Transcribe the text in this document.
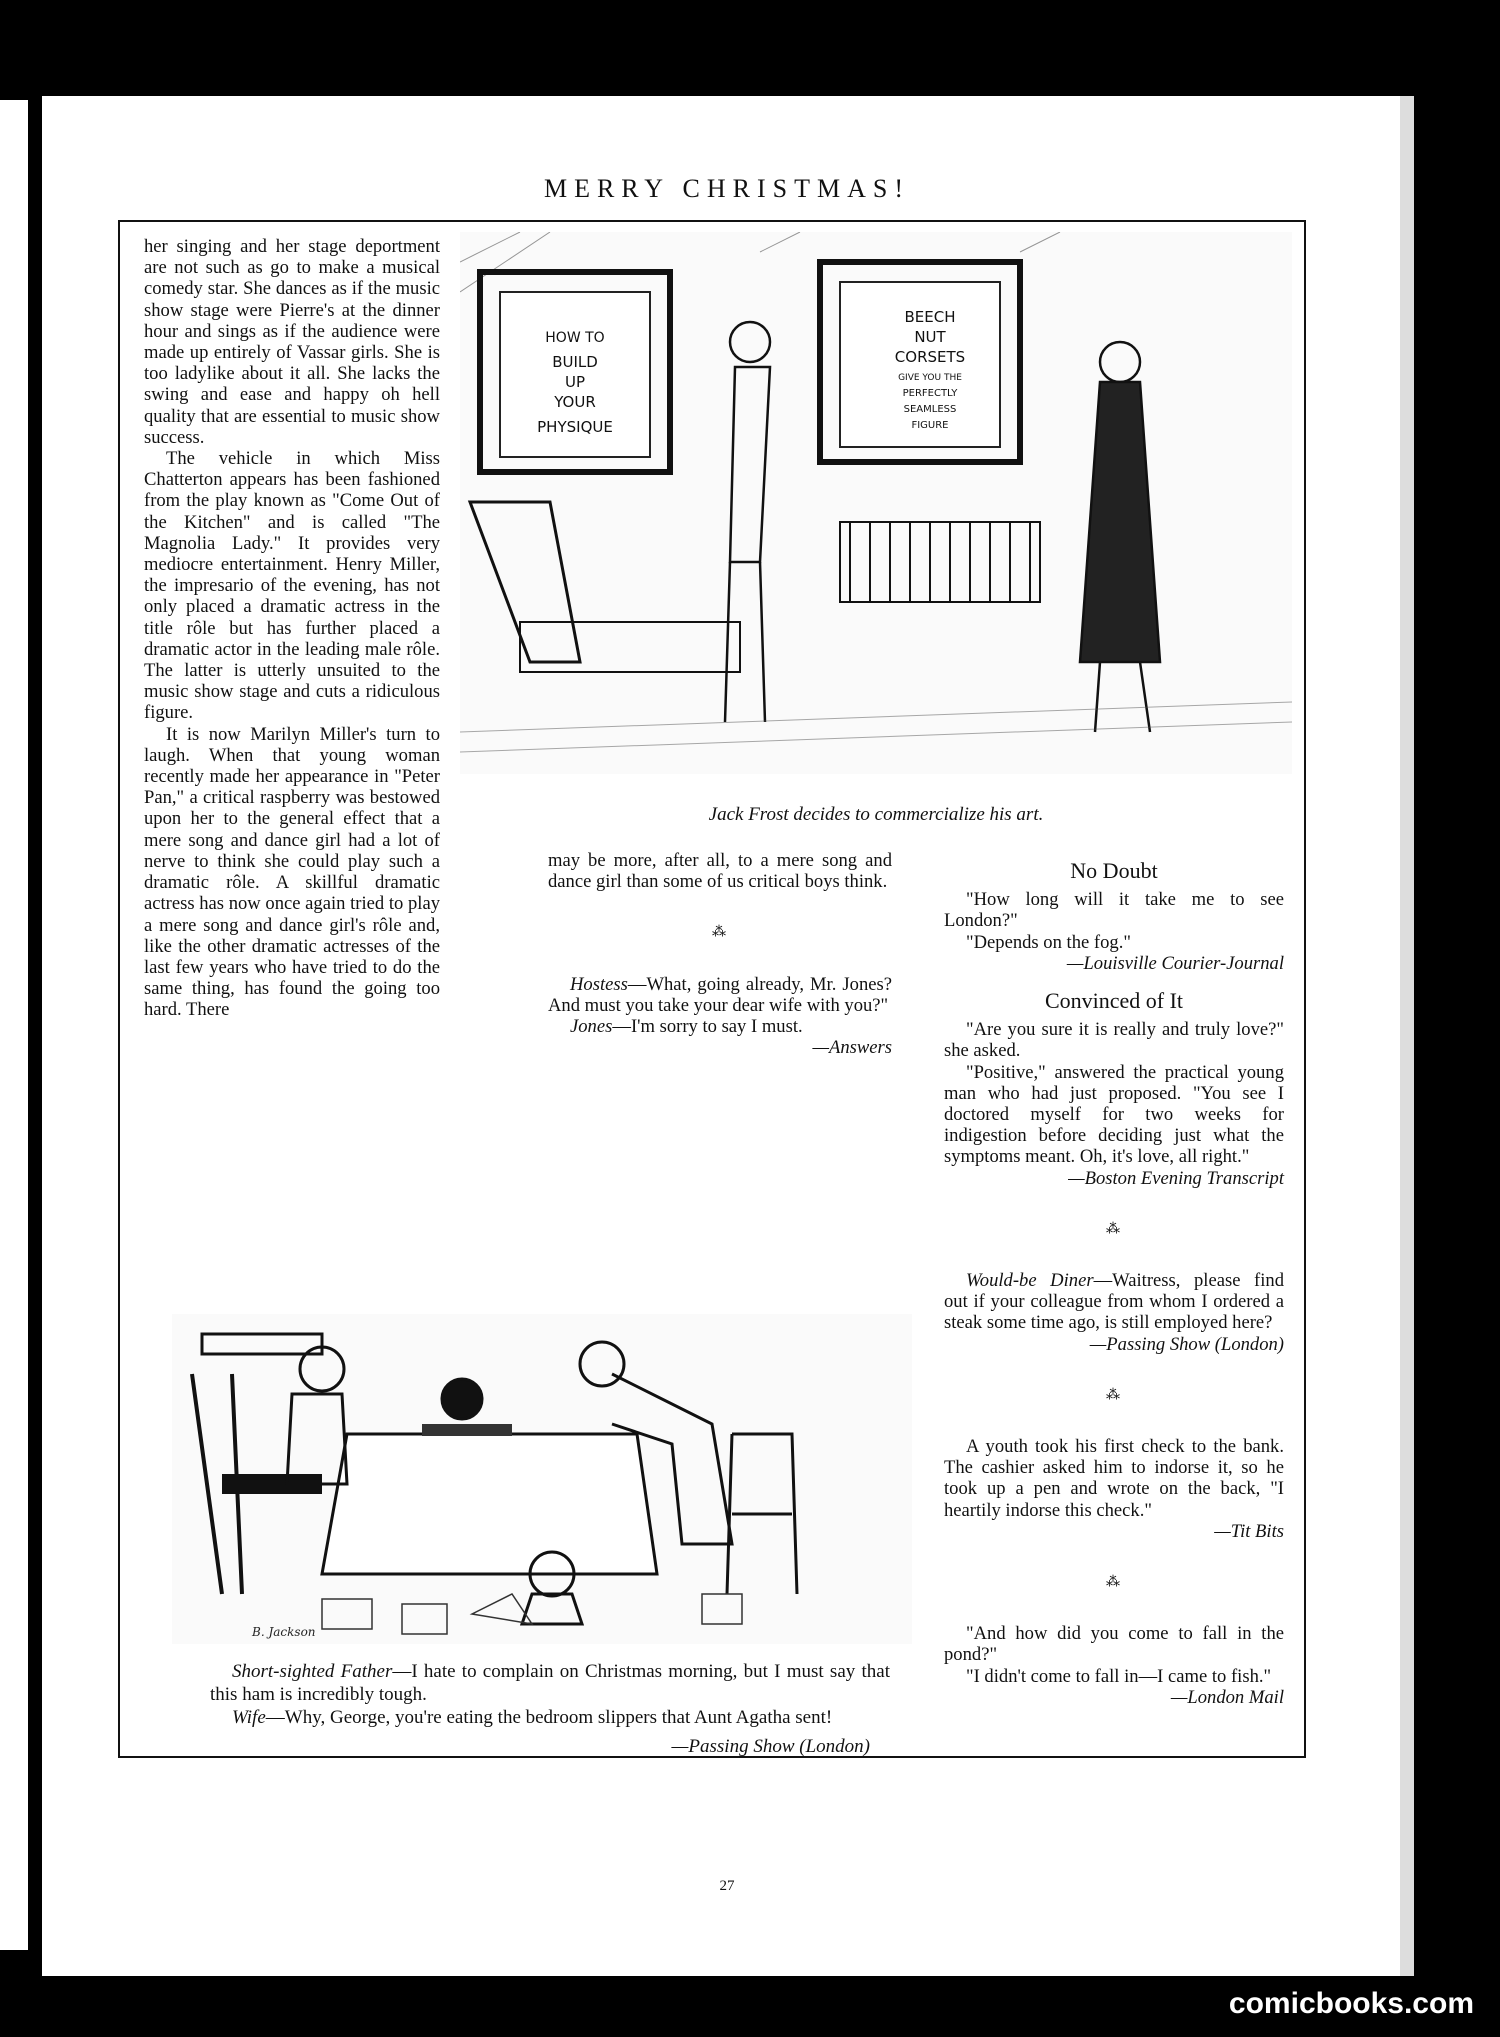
MERRY CHRISTMAS!

her singing and her stage deportment are not such as go to make a musical comedy star. She dances as if the music show stage were Pierre's at the dinner hour and sings as if the audience were made up entirely of Vassar girls. She is too ladylike about it all. She lacks the swing and ease and happy oh hell quality that are essential to music show success.

The vehicle in which Miss Chatterton appears has been fashioned from the play known as "Come Out of the Kitchen" and is called "The Magnolia Lady." It provides very mediocre entertainment. Henry Miller, the impresario of the evening, has not only placed a dramatic actress in the title rôle but has further placed a dramatic actor in the leading male rôle. The latter is utterly unsuited to the music show stage and cuts a ridiculous figure.

It is now Marilyn Miller's turn to laugh. When that young woman recently made her appearance in "Peter Pan," a critical raspberry was bestowed upon her to the general effect that a mere song and dance girl had a lot of nerve to think she could play such a dramatic rôle. A skillful dramatic actress has now once again tried to play a mere song and dance girl's rôle and, like the other dramatic actresses of the last few years who have tried to do the same thing, has found the going too hard. There

HOW TO
BUILD
UP
YOUR
PHYSIQUE
BEECH
NUT
CORSETS
GIVE YOU THE
PERFECTLY
SEAMLESS
FIGURE
Jack Frost decides to commercialize his art.

may be more, after all, to a mere song and dance girl than some of us critical boys think.

⁂

Hostess—What, going already, Mr. Jones? And must you take your dear wife with you?"

Jones—I'm sorry to say I must.

—Answers
No Doubt

"How long will it take me to see London?"

"Depends on the fog."

—Louisville Courier-Journal
Convinced of It

"Are you sure it is really and truly love?" she asked.

"Positive," answered the practical young man who had just proposed. "You see I doctored myself for two weeks for indigestion before deciding just what the symptoms meant. Oh, it's love, all right."

—Boston Evening Transcript
⁂

Would-be Diner—Waitress, please find out if your colleague from whom I ordered a steak some time ago, is still employed here?

—Passing Show (London)
⁂

A youth took his first check to the bank. The cashier asked him to indorse it, so he took up a pen and wrote on the back, "I heartily indorse this check."

—Tit Bits
⁂

"And how did you come to fall in the pond?"

"I didn't come to fall in—I came to fish."

—London Mail
B. Jackson

Short-sighted Father—I hate to complain on Christmas morning, but I must say that this ham is incredibly tough.

Wife—Why, George, you're eating the bedroom slippers that Aunt Agatha sent!

—Passing Show (London)
27
comicbooks.com
